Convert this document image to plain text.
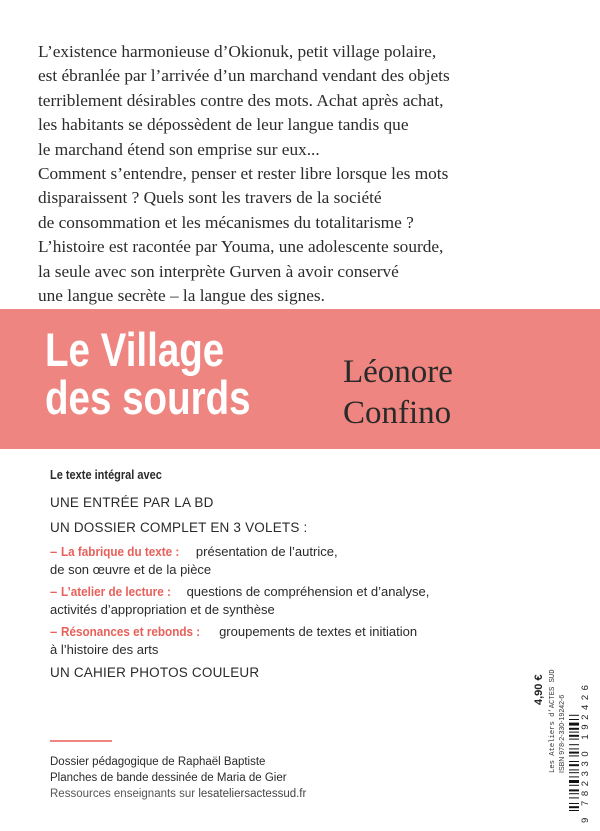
L’existence harmonieuse d’Okionuk, petit village polaire,
est ébranlée par l’arrivée d’un marchand vendant des objets
terriblement désirables contre des mots. Achat après achat,
les habitants se dépossèdent de leur langue tandis que
le marchand étend son emprise sur eux...
Comment s’entendre, penser et rester libre lorsque les mots
disparaissent ? Quels sont les travers de la société
de consommation et les mécanismes du totalitarisme ?
L’histoire est racontée par Youma, une adolescente sourde,
la seule avec son interprète Gurven à avoir conservé
une langue secrète – la langue des signes.
Le Village
des sourds	Léonore
Confino
Le texte intégral avec
UNE ENTRÉE PAR LA BD
UN DOSSIER COMPLET EN 3 VOLETS :
– La fabrique du texte : présentation de l’autrice,
de son œuvre et de la pièce
– L’atelier de lecture : questions de compréhension et d’analyse,
activités d’appropriation et de synthèse
– Résonances et rebonds : groupements de textes et initiation
à l’histoire des arts
UN CAHIER PHOTOS COULEUR
Dossier pédagogique de Raphaël Baptiste
Planches de bande dessinée de Maria de Gier
Ressources enseignants sur lesateliersactessud.fr
4,90 € Les Ateliers d’ACTES SUD ISBN 978-2-330-19242-6
9 782330 192426
